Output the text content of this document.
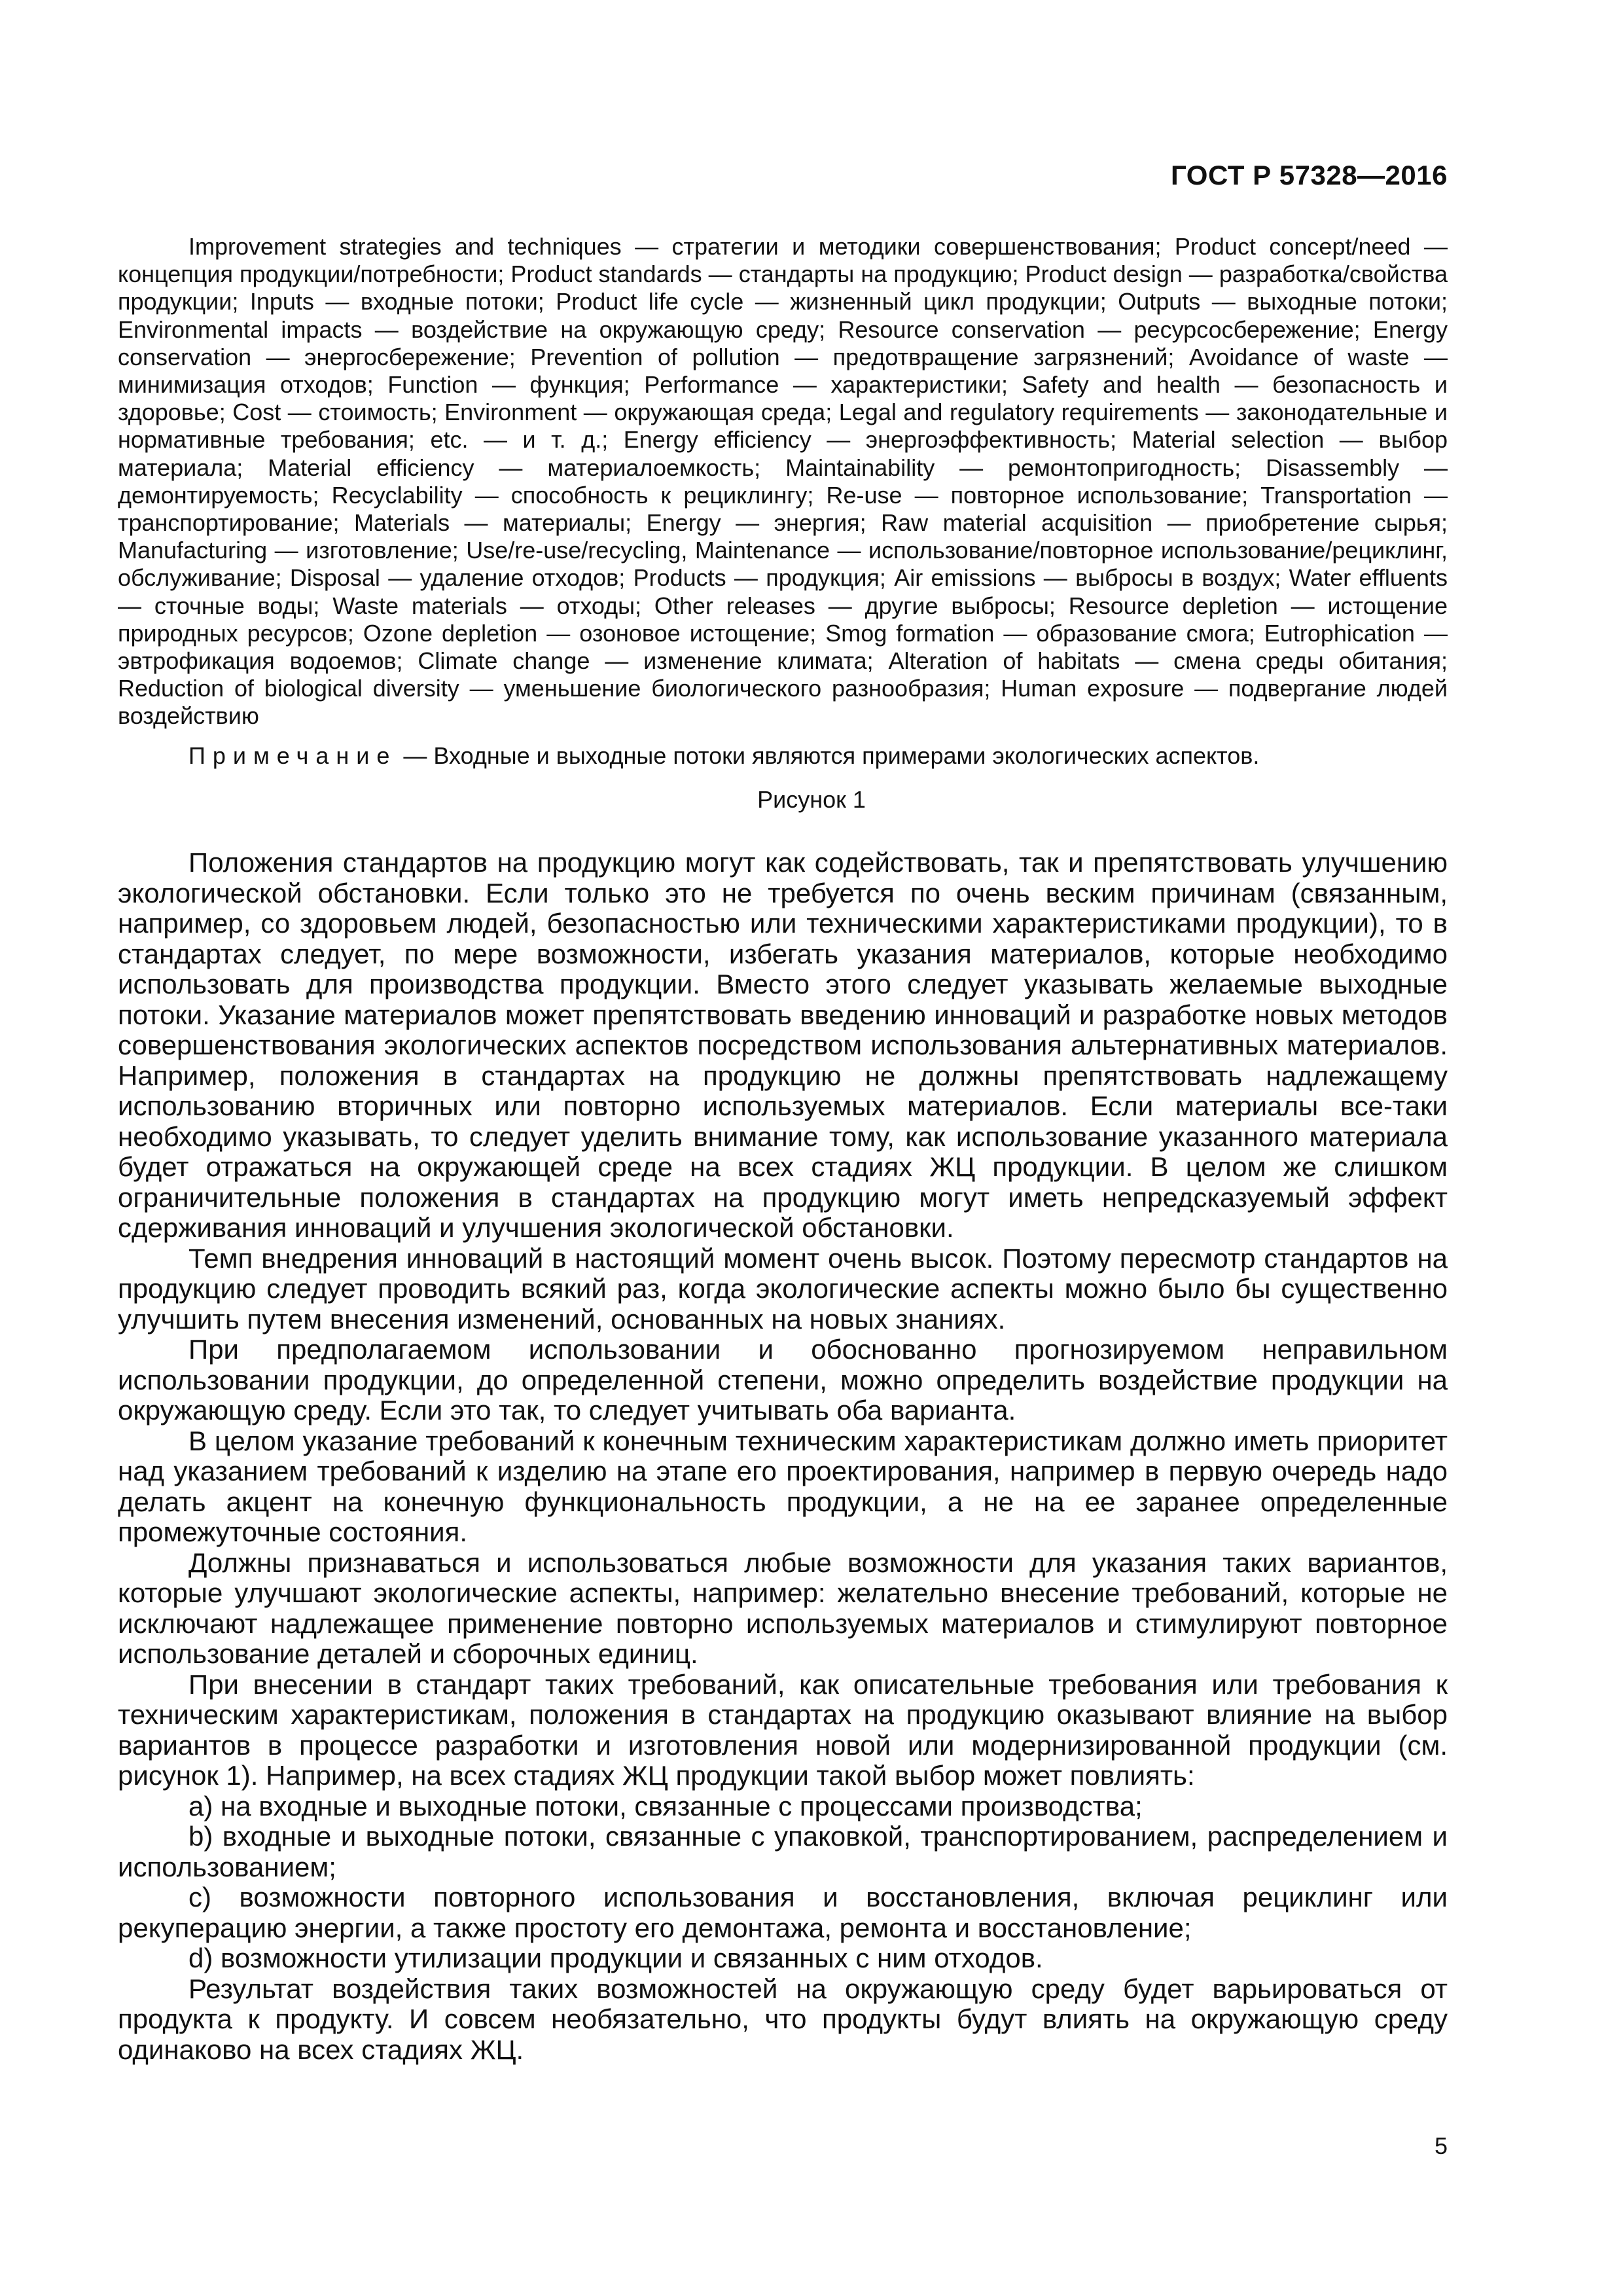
ГОСТ Р 57328—2016
Improvement strategies and techniques — стратегии и методики совершенствования; Product concept/need — концепция продукции/потребности; Product standards — стандарты на продукцию; Product design — разработка/свойства продукции; Inputs — входные потоки; Product life cycle — жизненный цикл продукции; Outputs — выходные потоки; Environmental impacts — воздействие на окружающую среду; Resource conservation — ресурсосбережение; Energy conservation — энергосбережение; Prevention of pollution — предотвращение загрязнений; Avoidance of waste — минимизация отходов; Function — функция; Performance — характеристики; Safety and health — безопасность и здоровье; Cost — стоимость; Environment — окружающая среда; Legal and regulatory requirements — законодательные и нормативные требования; etc. — и т. д.; Energy efficiency — энергоэффективность; Material selection — выбор материала; Material efficiency — материалоемкость; Maintainability — ремонтопригодность; Disassembly — демонтируемость; Recyclability — способность к рециклингу; Re-use — повторное использование; Transportation — транспортирование; Materials — материалы; Energy — энергия; Raw material acquisition — приобретение сырья; Manufacturing — изготовление; Use/re-use/recycling, Maintenance — использование/повторное использование/рециклинг, обслуживание; Disposal — удаление отходов; Products — продукция; Air emissions — выбросы в воздух; Water effluents — сточные воды; Waste materials — отходы; Other releases — другие выбросы; Resource depletion — истощение природных ресурсов; Ozone depletion — озоновое истощение; Smog formation — образование смога; Eutrophication — эвтрофикация водоемов; Climate change — изменение климата; Alteration of habitats — смена среды обитания; Reduction of biological diversity — уменьшение биологического разнообразия; Human exposure — подвергание людей воздействию
Примечание — Входные и выходные потоки являются примерами экологических аспектов.
Рисунок 1

Положения стандартов на продукцию могут как содействовать, так и препятствовать улучшению экологической обстановки. Если только это не требуется по очень веским причинам (связанным, например, со здоровьем людей, безопасностью или техническими характеристиками продукции), то в стандартах следует, по мере возможности, избегать указания материалов, которые необходимо использовать для производства продукции. Вместо этого следует указывать желаемые выходные потоки. Указание материалов может препятствовать введению инноваций и разработке новых методов совершенствования экологических аспектов посредством использования альтернативных материалов. Например, положения в стандартах на продукцию не должны препятствовать надлежащему использованию вторичных или повторно используемых материалов. Если материалы все-таки необходимо указывать, то следует уделить внимание тому, как использование указанного материала будет отражаться на окружающей среде на всех стадиях ЖЦ продукции. В целом же слишком ограничительные положения в стандартах на продукцию могут иметь непредсказуемый эффект сдерживания инноваций и улучшения экологической обстановки.

Темп внедрения инноваций в настоящий момент очень высок. Поэтому пересмотр стандартов на продукцию следует проводить всякий раз, когда экологические аспекты можно было бы существенно улучшить путем внесения изменений, основанных на новых знаниях.

При предполагаемом использовании и обоснованно прогнозируемом неправильном использовании продукции, до определенной степени, можно определить воздействие продукции на окружающую среду. Если это так, то следует учитывать оба варианта.

В целом указание требований к конечным техническим характеристикам должно иметь приоритет над указанием требований к изделию на этапе его проектирования, например в первую очередь надо делать акцент на конечную функциональность продукции, а не на ее заранее определенные промежуточные состояния.

Должны признаваться и использоваться любые возможности для указания таких вариантов, которые улучшают экологические аспекты, например: желательно внесение требований, которые не исключают надлежащее применение повторно используемых материалов и стимулируют повторное использование деталей и сборочных единиц.

При внесении в стандарт таких требований, как описательные требования или требования к техническим характеристикам, положения в стандартах на продукцию оказывают влияние на выбор вариантов в процессе разработки и изготовления новой или модернизированной продукции (см. рисунок 1). Например, на всех стадиях ЖЦ продукции такой выбор может повлиять:

a) на входные и выходные потоки, связанные с процессами производства;

b) входные и выходные потоки, связанные с упаковкой, транспортированием, распределением и использованием;

c) возможности повторного использования и восстановления, включая рециклинг или рекуперацию энергии, а также простоту его демонтажа, ремонта и восстановление;

d) возможности утилизации продукции и связанных с ним отходов.

Результат воздействия таких возможностей на окружающую среду будет варьироваться от продукта к продукту. И совсем необязательно, что продукты будут влиять на окружающую среду одинаково на всех стадиях ЖЦ.

5
